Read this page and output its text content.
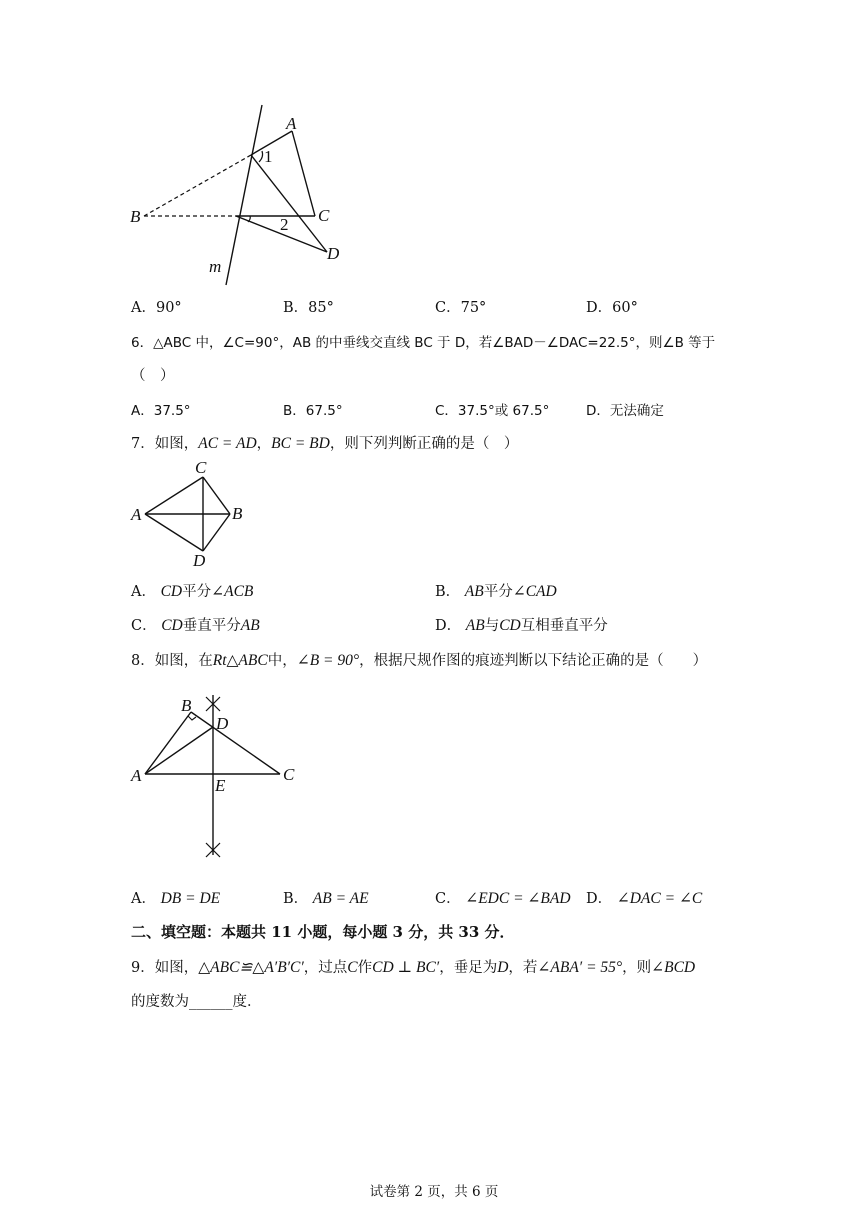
A
B	C
D
m
1
2
A．90°	B．85°	C．75°	D．60°
6．△ABC 中，∠C=90°，AB 的中垂线交直线 BC 于 D，若∠BAD－∠DAC=22.5°，则∠B 等于
（　）
A．37.5°	B．67.5°	C．37.5°或 67.5°	D．无法确定
7．如图，AC = AD，BC = BD，则下列判断正确的是（　）
C
A	B
D
A． CD平分∠ACB	B． AB平分∠CAD
C． CD垂直平分AB	D． AB与CD互相垂直平分
8．如图，在Rt△ABC中，∠B = 90°，根据尺规作图的痕迹判断以下结论正确的是（　　）
B
D
A	C
E
A． DB = DE	B． AB = AE	C． ∠EDC = ∠BAD D． ∠DAC = ∠C
二、填空题：本题共 11 小题，每小题 3 分，共 33 分．
9．如图，△ABC≌△A′B′C′，过点C作CD ⊥ BC′，垂足为D，若∠ABA′ = 55°，则∠BCD
的度数为______度．
试卷第 2 页，共 6 页
